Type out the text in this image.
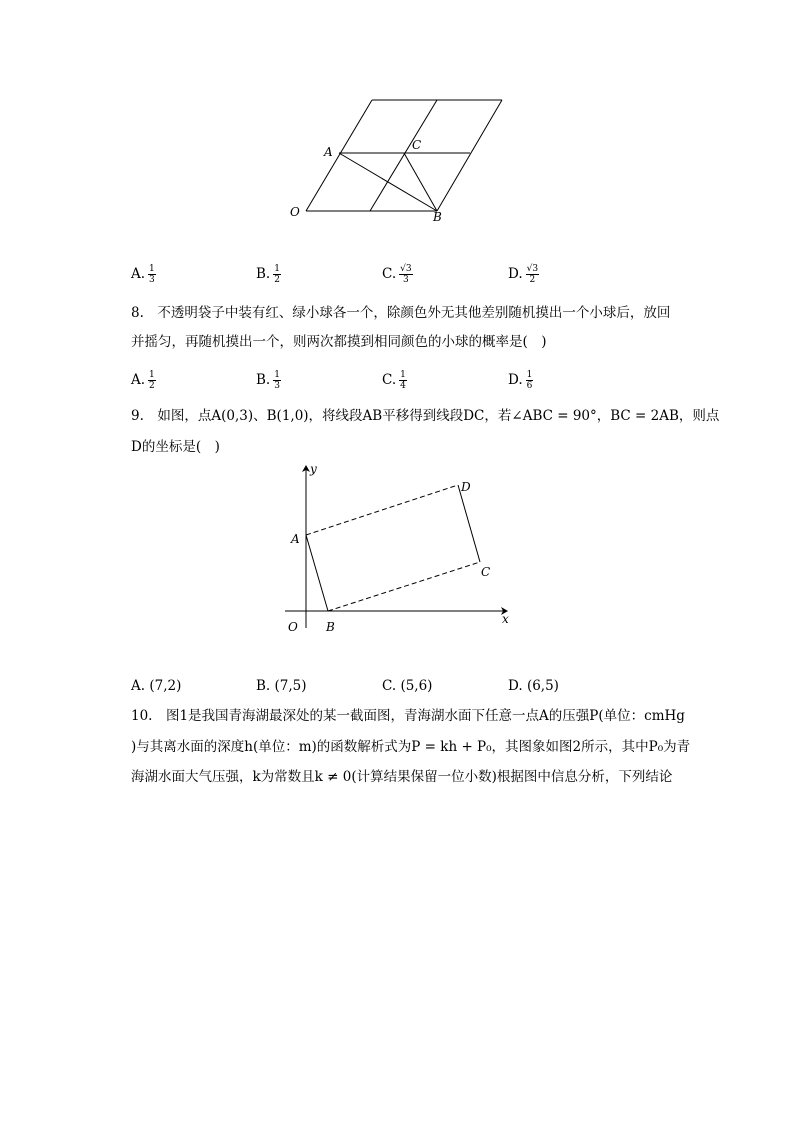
A	C
O	B
A. $\frac{1}{3}$	B. $\frac{1}{2}$	C. $\frac{√3}{3}$	D. $\frac{√3}{2}$
8.　不透明袋子中装有红、绿小球各一个，除颜色外无其他差别随机摸出一个小球后，放回
并摇匀，再随机摸出一个，则两次都摸到相同颜色的小球的概率是(　)
A. $\frac{1}{2}$	B. $\frac{1}{3}$	C. $\frac{1}{4}$	D. $\frac{1}{6}$
9.　如图，点A(0,3)、B(1,0)，将线段AB平移得到线段DC，若∠ABC = 90°，BC = 2AB，则点
D的坐标是(　)
y
x
A
D
C
O B
A. (7,2)	B. (7,5)	C. (5,6)	D. (6,5)
10.　图1是我国青海湖最深处的某一截面图，青海湖水面下任意一点A的压强P(单位：cmHg
)与其离水面的深度h(单位：m)的函数解析式为P = kh + P₀，其图象如图2所示，其中P₀为青
海湖水面大气压强，k为常数且k ≠ 0(计算结果保留一位小数)根据图中信息分析，下列结论
